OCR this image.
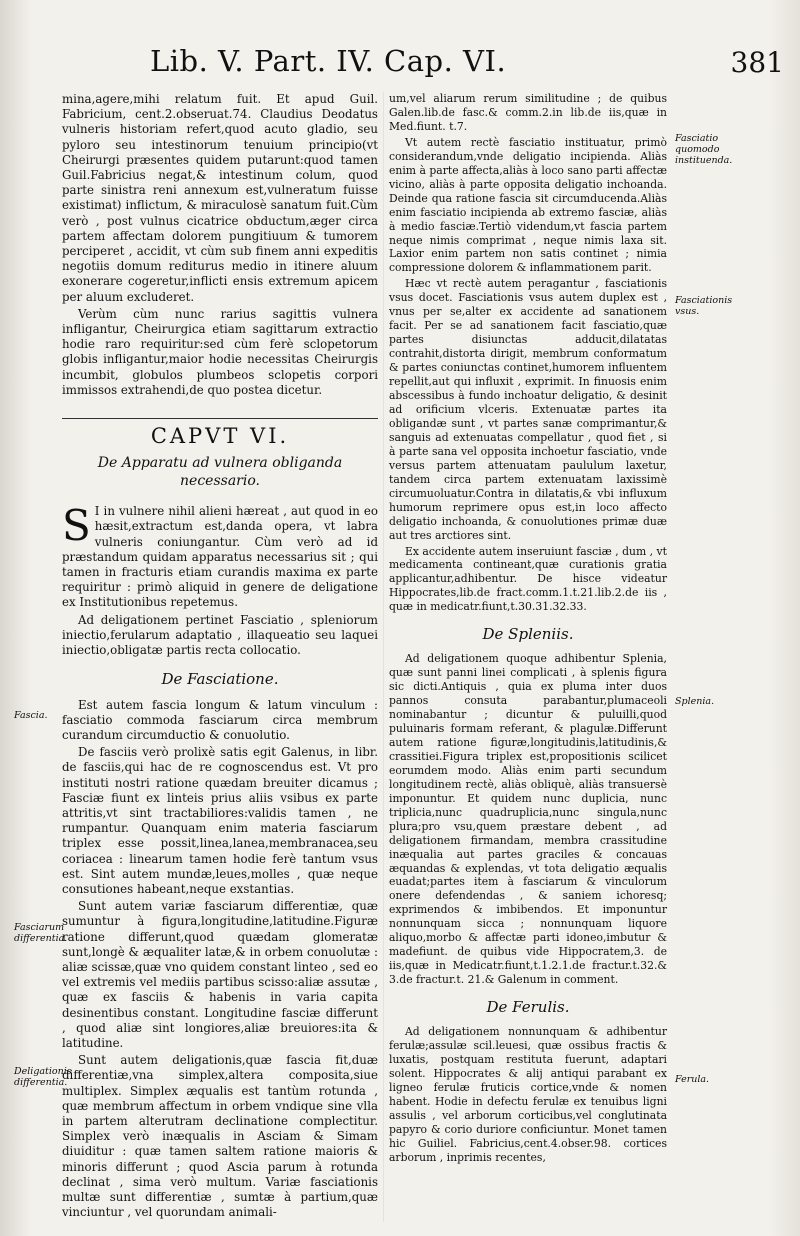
Lib. V. Part. IV. Cap. VI.	381

mina,agere,mihi relatum fuit. Et apud Guil. Fabricium, cent.2.obseruat.74. Claudius Deodatus vulneris historiam refert,quod acuto gladio, seu pyloro seu intestinorum tenuium principio(vt Cheirurgi præsentes quidem putarunt:quod tamen Guil.Fabricius negat,& intestinum colum, quod parte sinistra reni annexum est,vulneratum fuisse existimat) inflictum, & miraculosè sanatum fuit.Cùm verò , post vulnus cicatrice obductum,æger circa partem affectam dolorem pungitiuum & tumorem perciperet , accidit, vt cùm sub finem anni expeditis negotiis domum rediturus medio in itinere aluum exonerare cogeretur,inflicti ensis extremum apicem per aluum excluderet.

Verùm cùm nunc rarius sagittis vulnera infligantur, Cheirurgica etiam sagittarum extractio hodie raro requiritur:sed cùm ferè sclopetorum globis infligantur,maior hodie necessitas Cheirurgis incumbit, globulos plumbeos sclopetis corpori immissos extrahendi,de quo postea dicetur.

CAPVT VI.
De Apparatu ad vulnera obliganda necessario.

S I in vulnere nihil alieni hæreat , aut quod in eo hæsit,extractum est,danda opera, vt labra vulneris coniungantur. Cùm verò ad id præstandum quidam apparatus necessarius sit ; qui tamen in fracturis etiam curandis maxima ex parte requiritur : primò aliquid in genere de deligatione ex Institutionibus repetemus.

Ad deligationem pertinet Fasciatio , spleniorum iniectio,ferularum adaptatio , illaqueatio seu laquei iniectio,obligatæ partis recta collocatio.

De Fasciatione.

Est autem fascia longum & latum vinculum : fasciatio commoda fasciarum circa membrum curandum circumductio & conuolutio.

De fasciis verò prolixè satis egit Galenus, in libr. de fasciis,qui hac de re cognoscendus est. Vt pro instituti nostri ratione quædam breuiter dicamus ; Fasciæ fiunt ex linteis prius aliis vsibus ex parte attritis,vt sint tractabiliores:validis tamen , ne rumpantur. Quanquam enim materia fasciarum triplex esse possit,linea,lanea,membranacea,seu coriacea : linearum tamen hodie ferè tantum vsus est. Sint autem mundæ,leues,molles , quæ neque consutiones habeant,neque exstantias.

Sunt autem variæ fasciarum differentiæ, quæ sumuntur à figura,longitudine,latitudine.Figuræ ratione differunt,quod quædam glomeratæ sunt,longè & æqualiter latæ,& in orbem conuolutæ : aliæ scissæ,quæ vno quidem constant linteo , sed eo vel extremis vel mediis partibus scisso:aliæ assutæ , quæ ex fasciis & habenis in varia capita desinentibus constant. Longitudine fasciæ differunt , quod aliæ sint longiores,aliæ breuiores:ita & latitudine.

Sunt autem deligationis,quæ fascia fit,duæ differentiæ,vna simplex,altera composita,siue multiplex. Simplex æqualis est tantùm rotunda , quæ membrum affectum in orbem vndique sine vlla in partem alterutram declinatione complectitur. Simplex verò inæqualis in Asciam & Simam diuiditur : quæ tamen saltem ratione maioris & minoris differunt ; quod Ascia parum à rotunda declinat , sima verò multum. Variæ fasciationis multæ sunt differentiæ , sumtæ à partium,quæ vinciuntur , vel quorundam animali-

um,vel aliarum rerum similitudine ; de quibus Galen.lib.de fasc.& comm.2.in lib.de iis,quæ in Med.fiunt. t.7.

Vt autem rectè fasciatio instituatur, primò considerandum,vnde deligatio incipienda. Aliàs enim à parte affecta,aliàs à loco sano parti affectæ vicino, aliàs à parte opposita deligatio inchoanda. Deinde qua ratione fascia sit circumducenda.Aliàs enim fasciatio incipienda ab extremo fasciæ, aliàs à medio fasciæ.Tertiò videndum,vt fascia partem neque nimis comprimat , neque nimis laxa sit. Laxior enim partem non satis continet ; nimia compressione dolorem & inflammationem parit.

Hæc vt rectè autem peragantur , fasciationis vsus docet. Fasciationis vsus autem duplex est , vnus per se,alter ex accidente ad sanationem facit. Per se ad sanationem facit fasciatio,quæ partes disiunctas adducit,dilatatas contrahit,distorta dirigit, membrum conformatum & partes coniunctas continet,humorem influentem repellit,aut qui influxit , exprimit. In finuosis enim abscessibus à fundo inchoatur deligatio, & desinit ad orificium vlceris. Extenuatæ partes ita obligandæ sunt , vt partes sanæ comprimantur,& sanguis ad extenuatas compellatur , quod fiet , si à parte sana vel opposita inchoetur fasciatio, vnde versus partem attenuatam paululum laxetur, tandem circa partem extenuatam laxissimè circumuoluatur.Contra in dilatatis,& vbi influxum humorum reprimere opus est,in loco affecto deligatio inchoanda, & conuolutiones primæ duæ aut tres arctiores sint.

Ex accidente autem inseruiunt fasciæ , dum , vt medicamenta contineant,quæ curationis gratia applicantur,adhibentur. De hisce videatur Hippocrates,lib.de fract.comm.1.t.21.lib.2.de iis , quæ in medicatr.fiunt,t.30.31.32.33.

De Spleniis.

Ad deligationem quoque adhibentur Splenia, quæ sunt panni linei complicati , à splenis figura sic dicti.Antiquis , quia ex pluma inter duos pannos consuta parabantur,plumaceoli nominabantur ; dicuntur & puluilli,quod puluinaris formam referant, & plagulæ.Differunt autem ratione figuræ,longitudinis,latitudinis,& crassitiei.Figura triplex est,propositionis scilicet eorumdem modo. Aliàs enim parti secundum longitudinem rectè, aliàs obliquè, aliàs transuersè imponuntur. Et quidem nunc duplicia, nunc triplicia,nunc quadruplicia,nunc singula,nunc plura;pro vsu,quem præstare debent , ad deligationem firmandam, membra crassitudine inæqualia aut partes graciles & concauas æquandas & explendas, vt tota deligatio æqualis euadat;partes item à fasciarum & vinculorum onere defendendas , & saniem ichoresq; exprimendos & imbibendos. Et imponuntur nonnunquam sicca ; nonnunquam liquore aliquo,morbo & affectæ parti idoneo,imbutur & madefiunt. de quibus vide Hippocratem,3. de iis,quæ in Medicatr.fiunt,t.1.2.1.de fractur.t.32.& 3.de fractur.t. 21.& Galenum in comment.

De Ferulis.

Ad deligationem nonnunquam & adhibentur ferulæ;assulæ scil.leuesi, quæ ossibus fractis & luxatis, postquam restituta fuerunt, adaptari solent. Hippocrates & alij antiqui parabant ex ligneo ferulæ fruticis cortice,vnde & nomen habent. Hodie in defectu ferulæ ex tenuibus ligni assulis , vel arborum corticibus,vel conglutinata papyro & corio duriore conficiuntur. Monet tamen hic Guiliel. Fabricius,cent.4.obser.98. cortices arborum , inprimis recentes,

Fascia.
Fasciarum differentia.
Deligationis differentia.
Fasciatio quomodo instituenda.
Fasciationis vsus.
Splenia.
Ferula.
